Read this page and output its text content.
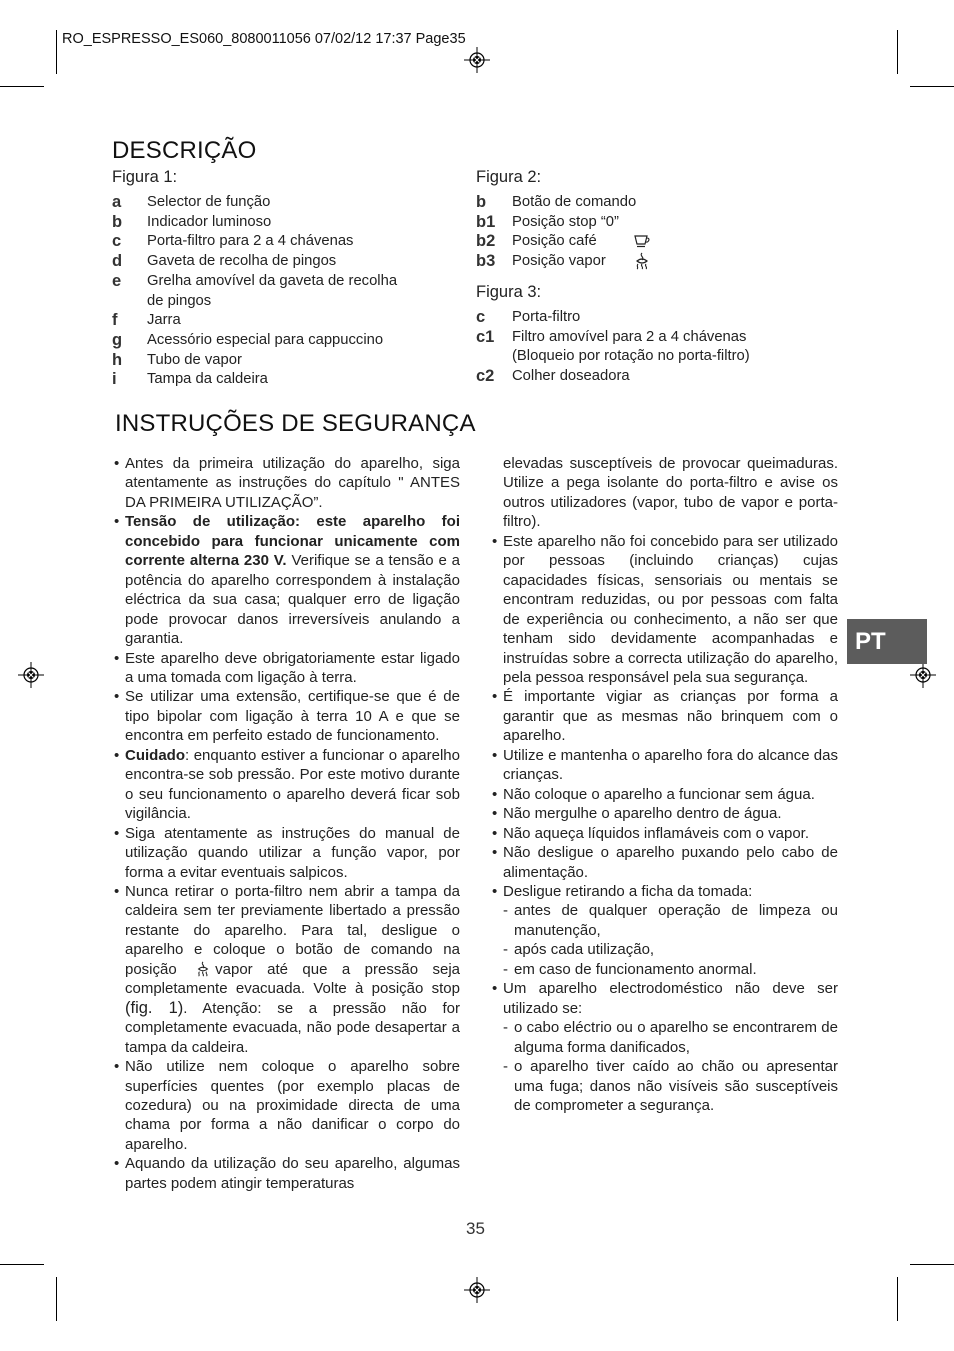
RO_ESPRESSO_ES060_8080011056 07/02/12 17:37 Page35
DESCRIÇÃO
Figura 1:
a Selector de função
b Indicador luminoso
c Porta-filtro para 2 a 4 chávenas
d Gaveta de recolha de pingos
e Grelha amovível da gaveta de recolha
de pingos
f Jarra
g Acessório especial para cappuccino
h Tubo de vapor
i Tampa da caldeira
Figura 2:
b Botão de comando
b1 Posição stop “0”
b2 Posição café
b3 Posição vapor
Figura 3:
c Porta-filtro
c1 Filtro amovível para 2 a 4 chávenas
(Bloqueio por rotação no porta-filtro)
c2 Colher doseadora
INSTRUÇÕES DE SEGURANÇA

• Antes da primeira utilização do aparelho, siga atentamente as instruções do capítulo " ANTES DA PRIMEIRA UTILIZAÇÃO”.

• Tensão de utilização: este aparelho foi concebido para funcionar unicamente com corrente alterna 230 V. Verifique se a tensão e a potência do aparelho correspondem à instalação eléctrica da sua casa; qualquer erro de ligação pode provocar danos irreversíveis anulando a garantia.

• Este aparelho deve obrigatoriamente estar ligado a uma tomada com ligação à terra.

• Se utilizar uma extensão, certifique-se que é de tipo bipolar com ligação à terra 10 A e que se encontra em perfeito estado de funcionamento.

• Cuidado: enquanto estiver a funcionar o aparelho encontra-se sob pressão. Por este motivo durante o seu funcionamento o aparelho deverá ficar sob vigilância.

• Siga atentamente as instruções do manual de utilização quando utilizar a função vapor, por forma a evitar eventuais salpicos.

• Nunca retirar o porta-filtro nem abrir a tampa da caldeira sem ter previamente libertado a pressão restante do aparelho. Para tal, desligue o aparelho e coloque o botão de comando na posição	vapor até que a pressão seja completamente evacuada. Volte à posição stop (fig. 1). Atenção: se a pressão não for completamente evacuada, não pode desapertar a tampa da caldeira.

• Não utilize nem coloque o aparelho sobre superfícies quentes (por exemplo placas de cozedura) ou na proximidade directa de uma chama por forma a não danificar o corpo do aparelho.

• Aquando da utilização do seu aparelho, algumas partes podem atingir temperaturas

elevadas susceptíveis de provocar queimaduras. Utilize a pega isolante do porta-filtro e avise os outros utilizadores (vapor, tubo de vapor e porta-filtro).

• Este aparelho não foi concebido para ser utilizado por pessoas (incluindo crianças) cujas capacidades físicas, sensoriais ou mentais se encontram reduzidas, ou por pessoas com falta de experiência ou conhecimento, a não ser que tenham sido devidamente acompanhadas e instruídas sobre a correcta utilização do aparelho, pela pessoa responsável pela sua segurança.

• É importante vigiar as crianças por forma a garantir que as mesmas não brinquem com o aparelho.

• Utilize e mantenha o aparelho fora do alcance das crianças.

• Não coloque o aparelho a funcionar sem água.

• Não mergulhe o aparelho dentro de água.

• Não aqueça líquidos inflamáveis com o vapor.

• Não desligue o aparelho puxando pelo cabo de alimentação.

• Desligue retirando a ficha da tomada:

- antes de qualquer operação de limpeza ou manutenção,

- após cada utilização,

- em caso de funcionamento anormal.

• Um aparelho electrodoméstico não deve ser utilizado se:

- o cabo eléctrio ou o aparelho se encontrarem de alguma forma danificados,

- o aparelho tiver caído ao chão ou apresentar uma fuga; danos não visíveis são susceptíveis de comprometer a segurança.

PT
35
